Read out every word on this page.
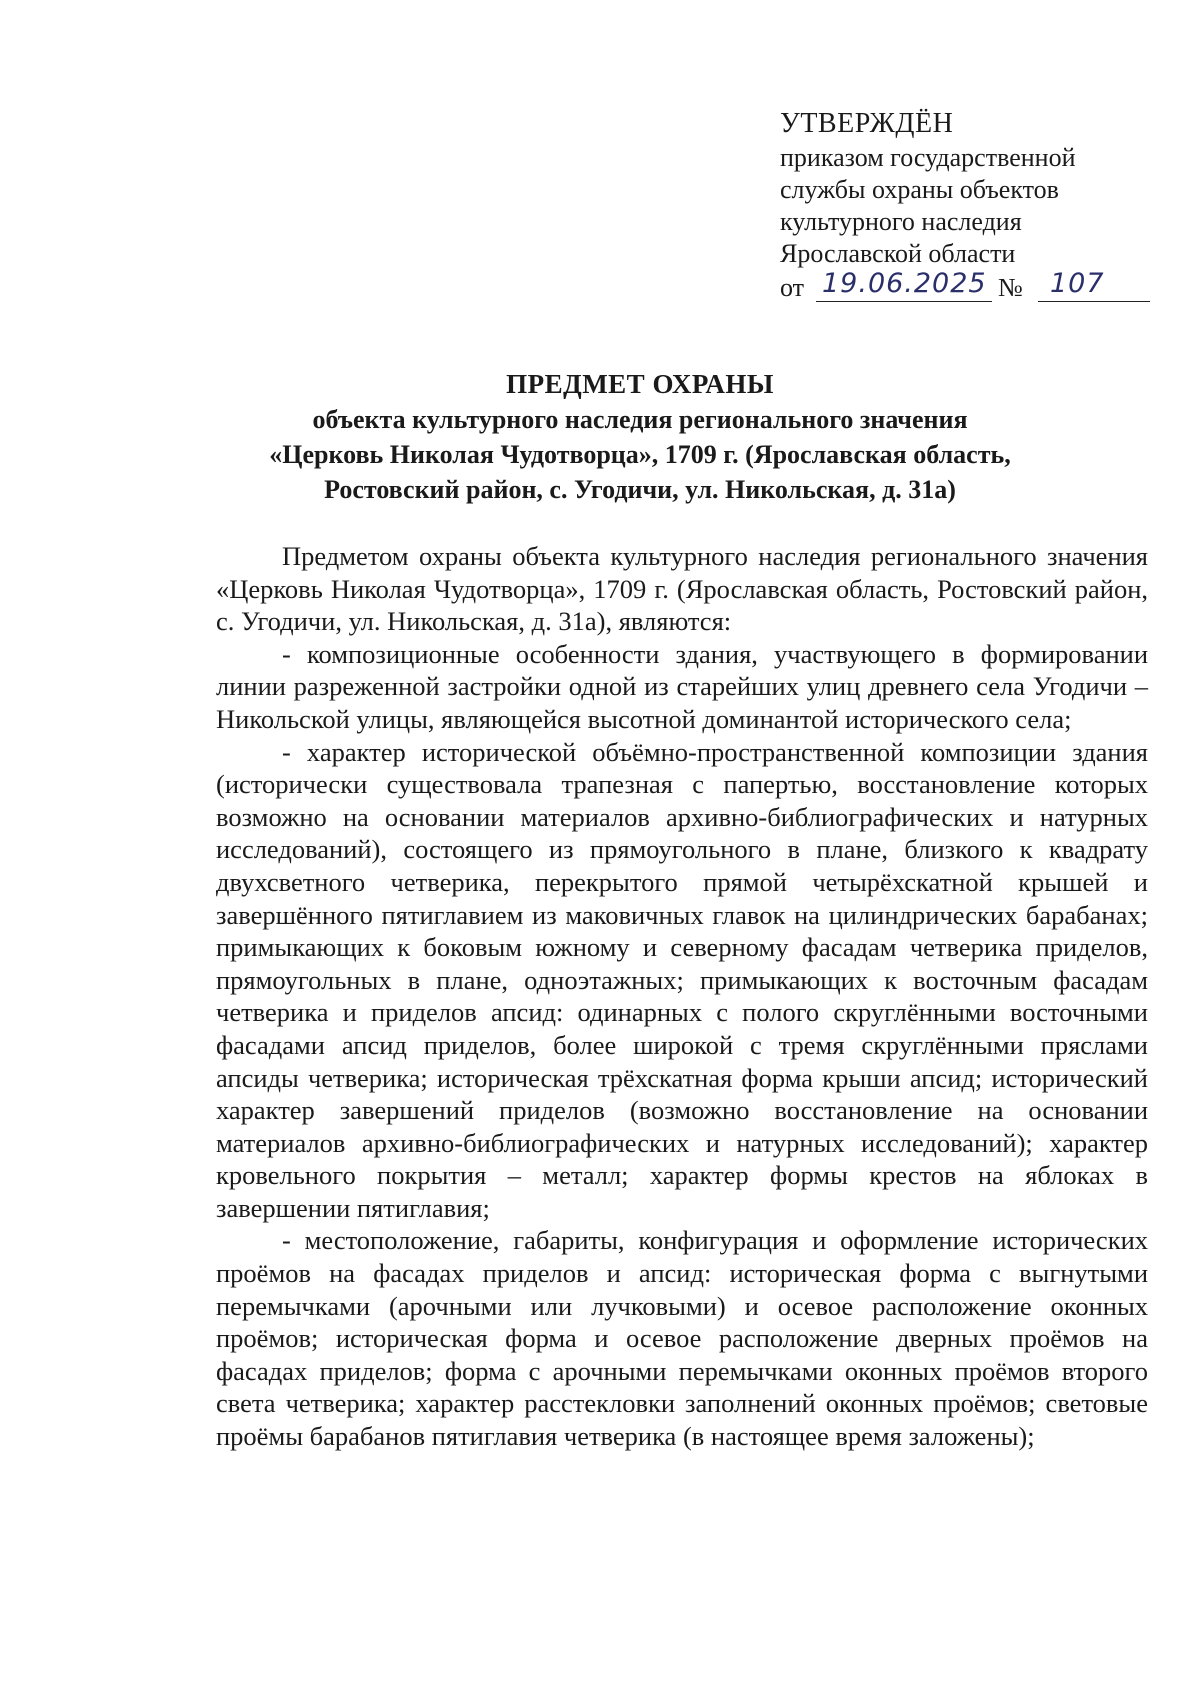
УТВЕРЖДЁН
приказом государственной
службы охраны объектов
культурного наследия
Ярославской области
от 19.06.2025 № 107
ПРЕДМЕТ ОХРАНЫ
объекта культурного наследия регионального значения
«Церковь Николая Чудотворца», 1709 г. (Ярославская область,
Ростовский район, с. Угодичи, ул. Никольская, д. 31а)

Предметом охраны объекта культурного наследия регионального значения «Церковь Николая Чудотворца», 1709 г. (Ярославская область, Ростовский район, с. Угодичи, ул. Никольская, д. 31а), являются:

- композиционные особенности здания, участвующего в формировании линии разреженной застройки одной из старейших улиц древнего села Угодичи – Никольской улицы, являющейся высотной доминантой исторического села;

- характер исторической объёмно-пространственной композиции здания (исторически существовала трапезная с папертью, восстановление которых возможно на основании материалов архивно-библиографических и натурных исследований), состоящего из прямоугольного в плане, близкого к квадрату двухсветного четверика, перекрытого прямой четырёхскатной крышей и завершённого пятиглавием из маковичных главок на цилиндрических барабанах; примыкающих к боковым южному и северному фасадам четверика приделов, прямоугольных в плане, одноэтажных; примыкающих к восточным фасадам четверика и приделов апсид: одинарных с полого скруглёнными восточными фасадами апсид приделов, более широкой с тремя скруглёнными пряслами апсиды четверика; историческая трёхскатная форма крыши апсид; исторический характер завершений приделов (возможно восстановление на основании материалов архивно-библиографических и натурных исследований); характер кровельного покрытия – металл; характер формы крестов на яблоках в завершении пятиглавия;

- местоположение, габариты, конфигурация и оформление исторических проёмов на фасадах приделов и апсид: историческая форма с выгнутыми перемычками (арочными или лучковыми) и осевое расположение оконных проёмов; историческая форма и осевое расположение дверных проёмов на фасадах приделов; форма с арочными перемычками оконных проёмов второго света четверика; характер расстекловки заполнений оконных проёмов; световые проёмы барабанов пятиглавия четверика (в настоящее время заложены);
